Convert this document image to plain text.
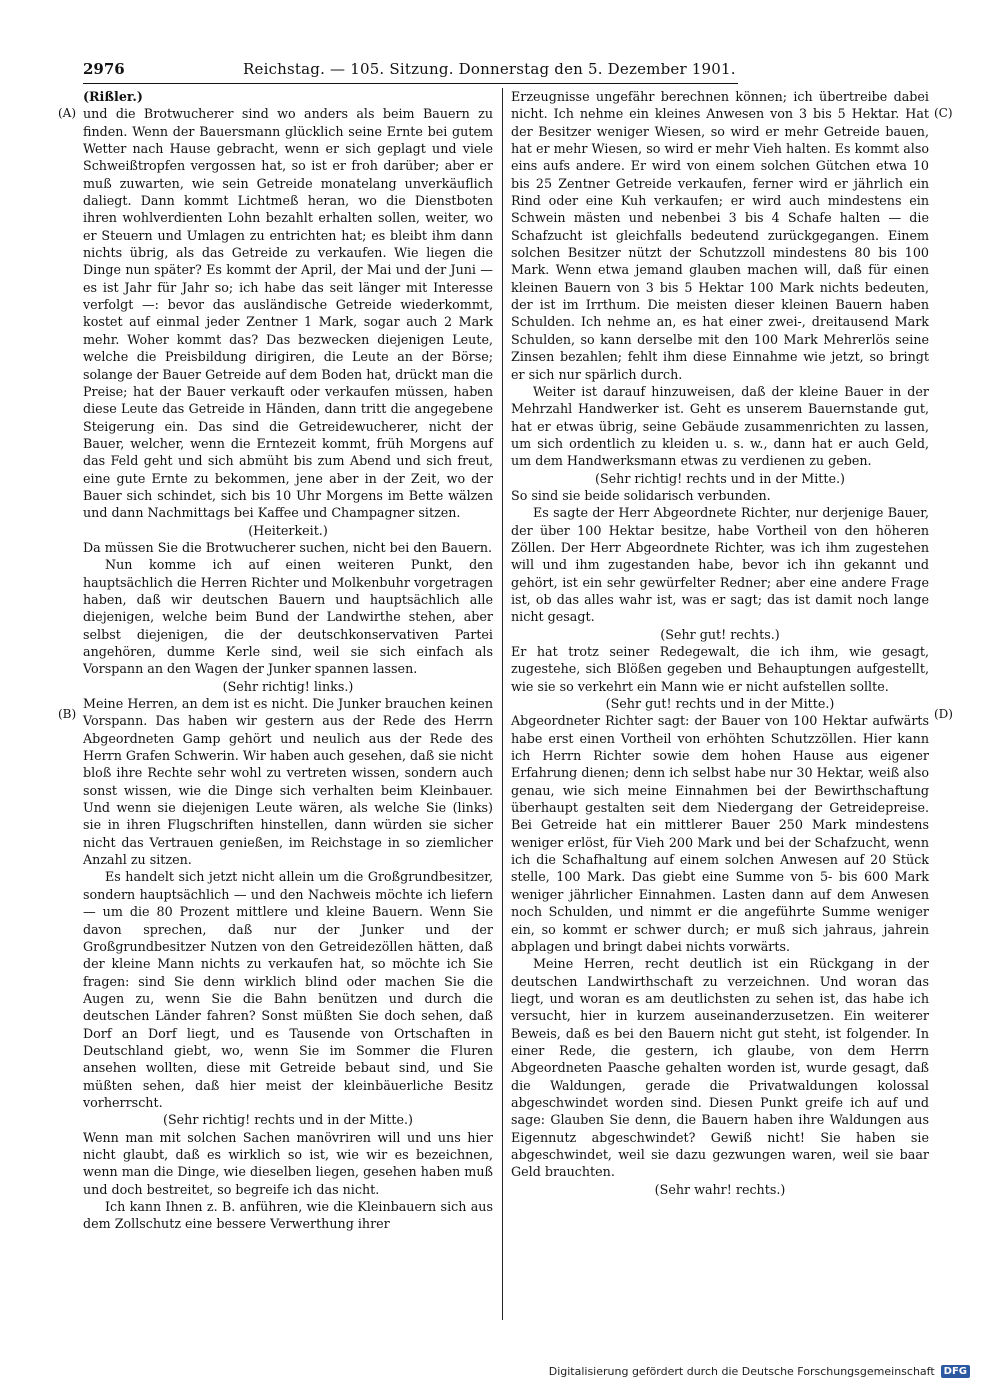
2976	Reichstag. — 105. Sitzung. Donnerstag den 5. Dezember 1901.
(A)
(B)
(C)
(D)

(Rißler.)

und die Brotwucherer sind wo anders als beim Bauern zu finden. Wenn der Bauersmann glücklich seine Ernte bei gutem Wetter nach Hause gebracht, wenn er sich geplagt und viele Schweißtropfen vergossen hat, so ist er froh darüber; aber er muß zuwarten, wie sein Getreide monatelang unverkäuflich daliegt. Dann kommt Lichtmeß heran, wo die Dienstboten ihren wohlverdienten Lohn bezahlt erhalten sollen, weiter, wo er Steuern und Umlagen zu entrichten hat; es bleibt ihm dann nichts übrig, als das Getreide zu verkaufen. Wie liegen die Dinge nun später? Es kommt der April, der Mai und der Juni — es ist Jahr für Jahr so; ich habe das seit länger mit Interesse verfolgt —: bevor das ausländische Getreide wiederkommt, kostet auf einmal jeder Zentner 1 Mark, sogar auch 2 Mark mehr. Woher kommt das? Das bezwecken diejenigen Leute, welche die Preisbildung dirigiren, die Leute an der Börse; solange der Bauer Getreide auf dem Boden hat, drückt man die Preise; hat der Bauer verkauft oder verkaufen müssen, haben diese Leute das Getreide in Händen, dann tritt die angegebene Steigerung ein. Das sind die Getreidewucherer, nicht der Bauer, welcher, wenn die Erntezeit kommt, früh Morgens auf das Feld geht und sich abmüht bis zum Abend und sich freut, eine gute Ernte zu bekommen, jene aber in der Zeit, wo der Bauer sich schindet, sich bis 10 Uhr Morgens im Bette wälzen und dann Nachmittags bei Kaffee und Champagner sitzen.

(Heiterkeit.)

Da müssen Sie die Brotwucherer suchen, nicht bei den Bauern.

Nun komme ich auf einen weiteren Punkt, den hauptsächlich die Herren Richter und Molkenbuhr vorgetragen haben, daß wir deutschen Bauern und hauptsächlich alle diejenigen, welche beim Bund der Landwirthe stehen, aber selbst diejenigen, die der deutschkonservativen Partei angehören, dumme Kerle sind, weil sie sich einfach als Vorspann an den Wagen der Junker spannen lassen.

(Sehr richtig! links.)

Meine Herren, an dem ist es nicht. Die Junker brauchen keinen Vorspann. Das haben wir gestern aus der Rede des Herrn Abgeordneten Gamp gehört und neulich aus der Rede des Herrn Grafen Schwerin. Wir haben auch gesehen, daß sie nicht bloß ihre Rechte sehr wohl zu vertreten wissen, sondern auch sonst wissen, wie die Dinge sich verhalten beim Kleinbauer. Und wenn sie diejenigen Leute wären, als welche Sie (links) sie in ihren Flugschriften hinstellen, dann würden sie sicher nicht das Vertrauen genießen, im Reichstage in so ziemlicher Anzahl zu sitzen.

Es handelt sich jetzt nicht allein um die Großgrundbesitzer, sondern hauptsächlich — und den Nachweis möchte ich liefern — um die 80 Prozent mittlere und kleine Bauern. Wenn Sie davon sprechen, daß nur der Junker und der Großgrundbesitzer Nutzen von den Getreidezöllen hätten, daß der kleine Mann nichts zu verkaufen hat, so möchte ich Sie fragen: sind Sie denn wirklich blind oder machen Sie die Augen zu, wenn Sie die Bahn benützen und durch die deutschen Länder fahren? Sonst müßten Sie doch sehen, daß Dorf an Dorf liegt, und es Tausende von Ortschaften in Deutschland giebt, wo, wenn Sie im Sommer die Fluren ansehen wollten, diese mit Getreide bebaut sind, und Sie müßten sehen, daß hier meist der kleinbäuerliche Besitz vorherrscht.

(Sehr richtig! rechts und in der Mitte.)

Wenn man mit solchen Sachen manövriren will und uns hier nicht glaubt, daß es wirklich so ist, wie wir es bezeichnen, wenn man die Dinge, wie dieselben liegen, gesehen haben muß und doch bestreitet, so begreife ich das nicht.

Ich kann Ihnen z. B. anführen, wie die Kleinbauern sich aus dem Zollschutz eine bessere Verwerthung ihrer

Erzeugnisse ungefähr berechnen können; ich übertreibe dabei nicht. Ich nehme ein kleines Anwesen von 3 bis 5 Hektar. Hat der Besitzer weniger Wiesen, so wird er mehr Getreide bauen, hat er mehr Wiesen, so wird er mehr Vieh halten. Es kommt also eins aufs andere. Er wird von einem solchen Gütchen etwa 10 bis 25 Zentner Getreide verkaufen, ferner wird er jährlich ein Rind oder eine Kuh verkaufen; er wird auch mindestens ein Schwein mästen und nebenbei 3 bis 4 Schafe halten — die Schafzucht ist gleichfalls bedeutend zurückgegangen. Einem solchen Besitzer nützt der Schutzzoll mindestens 80 bis 100 Mark. Wenn etwa jemand glauben machen will, daß für einen kleinen Bauern von 3 bis 5 Hektar 100 Mark nichts bedeuten, der ist im Irrthum. Die meisten dieser kleinen Bauern haben Schulden. Ich nehme an, es hat einer zwei-, dreitausend Mark Schulden, so kann derselbe mit den 100 Mark Mehrerlös seine Zinsen bezahlen; fehlt ihm diese Einnahme wie jetzt, so bringt er sich nur spärlich durch.

Weiter ist darauf hinzuweisen, daß der kleine Bauer in der Mehrzahl Handwerker ist. Geht es unserem Bauernstande gut, hat er etwas übrig, seine Gebäude zusammenrichten zu lassen, um sich ordentlich zu kleiden u. s. w., dann hat er auch Geld, um dem Handwerksmann etwas zu verdienen zu geben.

(Sehr richtig! rechts und in der Mitte.)

So sind sie beide solidarisch verbunden.

Es sagte der Herr Abgeordnete Richter, nur derjenige Bauer, der über 100 Hektar besitze, habe Vortheil von den höheren Zöllen. Der Herr Abgeordnete Richter, was ich ihm zugestehen will und ihm zugestanden habe, bevor ich ihn gekannt und gehört, ist ein sehr gewürfelter Redner; aber eine andere Frage ist, ob das alles wahr ist, was er sagt; das ist damit noch lange nicht gesagt.

(Sehr gut! rechts.)

Er hat trotz seiner Redegewalt, die ich ihm, wie gesagt, zugestehe, sich Blößen gegeben und Behauptungen aufgestellt, wie sie so verkehrt ein Mann wie er nicht aufstellen sollte.

(Sehr gut! rechts und in der Mitte.)

Abgeordneter Richter sagt: der Bauer von 100 Hektar aufwärts habe erst einen Vortheil von erhöhten Schutzzöllen. Hier kann ich Herrn Richter sowie dem hohen Hause aus eigener Erfahrung dienen; denn ich selbst habe nur 30 Hektar, weiß also genau, wie sich meine Einnahmen bei der Bewirthschaftung überhaupt gestalten seit dem Niedergang der Getreidepreise. Bei Getreide hat ein mittlerer Bauer 250 Mark mindestens weniger erlöst, für Vieh 200 Mark und bei der Schafzucht, wenn ich die Schafhaltung auf einem solchen Anwesen auf 20 Stück stelle, 100 Mark. Das giebt eine Summe von 5- bis 600 Mark weniger jährlicher Einnahmen. Lasten dann auf dem Anwesen noch Schulden, und nimmt er die angeführte Summe weniger ein, so kommt er schwer durch; er muß sich jahraus, jahrein abplagen und bringt dabei nichts vorwärts.

Meine Herren, recht deutlich ist ein Rückgang in der deutschen Landwirthschaft zu verzeichnen. Und woran das liegt, und woran es am deutlichsten zu sehen ist, das habe ich versucht, hier in kurzem auseinanderzusetzen. Ein weiterer Beweis, daß es bei den Bauern nicht gut steht, ist folgender. In einer Rede, die gestern, ich glaube, von dem Herrn Abgeordneten Paasche gehalten worden ist, wurde gesagt, daß die Waldungen, gerade die Privatwaldungen kolossal abgeschwindet worden sind. Diesen Punkt greife ich auf und sage: Glauben Sie denn, die Bauern haben ihre Waldungen aus Eigennutz abgeschwindet? Gewiß nicht! Sie haben sie abgeschwindet, weil sie dazu gezwungen waren, weil sie baar Geld brauchten.

(Sehr wahr! rechts.)

Digitalisierung gefördert durch die Deutsche Forschungsgemeinschaft DFG
